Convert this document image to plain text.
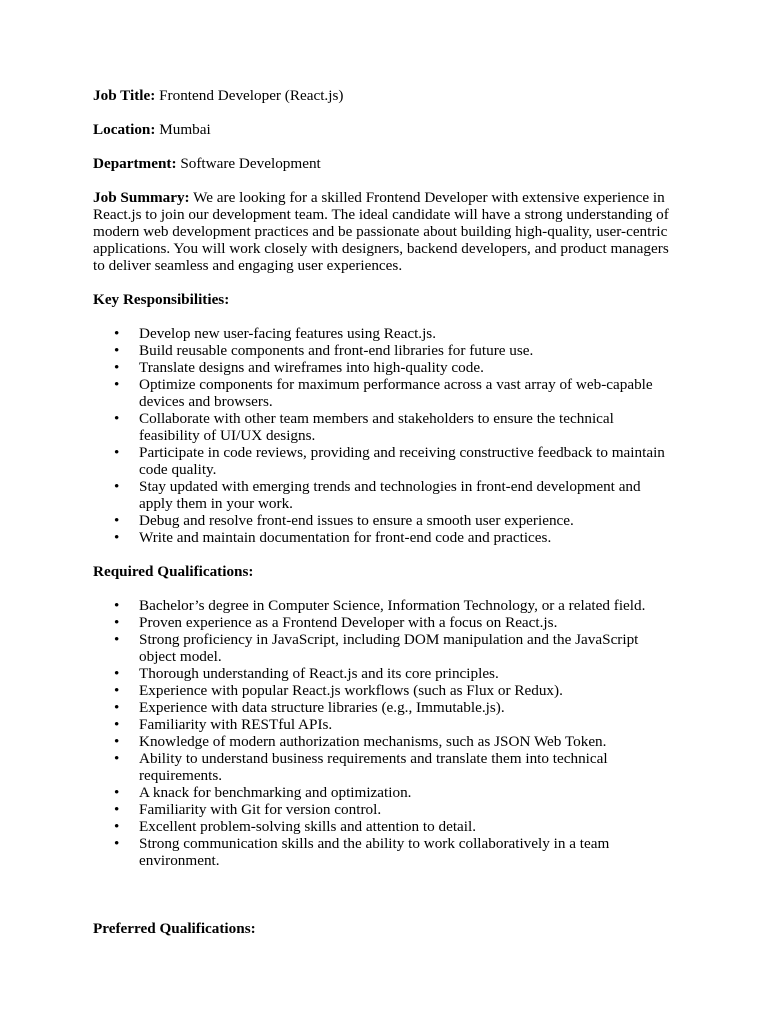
Job Title: Frontend Developer (React.js)

Location: Mumbai

Department: Software Development

Job Summary: We are looking for a skilled Frontend Developer with extensive experience in React.js to join our development team. The ideal candidate will have a strong understanding of modern web development practices and be passionate about building high-quality, user-centric applications. You will work closely with designers, backend developers, and product managers to deliver seamless and engaging user experiences.

Key Responsibilities:

• Develop new user-facing features using React.js.
• Build reusable components and front-end libraries for future use.
• Translate designs and wireframes into high-quality code.
• Optimize components for maximum performance across a vast array of web-capable devices and browsers.
• Collaborate with other team members and stakeholders to ensure the technical feasibility of UI/UX designs.
• Participate in code reviews, providing and receiving constructive feedback to maintain code quality.
• Stay updated with emerging trends and technologies in front-end development and apply them in your work.
• Debug and resolve front-end issues to ensure a smooth user experience.
• Write and maintain documentation for front-end code and practices.

Required Qualifications:

• Bachelor’s degree in Computer Science, Information Technology, or a related field.
• Proven experience as a Frontend Developer with a focus on React.js.
• Strong proficiency in JavaScript, including DOM manipulation and the JavaScript object model.
• Thorough understanding of React.js and its core principles.
• Experience with popular React.js workflows (such as Flux or Redux).
• Experience with data structure libraries (e.g., Immutable.js).
• Familiarity with RESTful APIs.
• Knowledge of modern authorization mechanisms, such as JSON Web Token.
• Ability to understand business requirements and translate them into technical requirements.
• A knack for benchmarking and optimization.
• Familiarity with Git for version control.
• Excellent problem-solving skills and attention to detail.
• Strong communication skills and the ability to work collaboratively in a team environment.

Preferred Qualifications:
